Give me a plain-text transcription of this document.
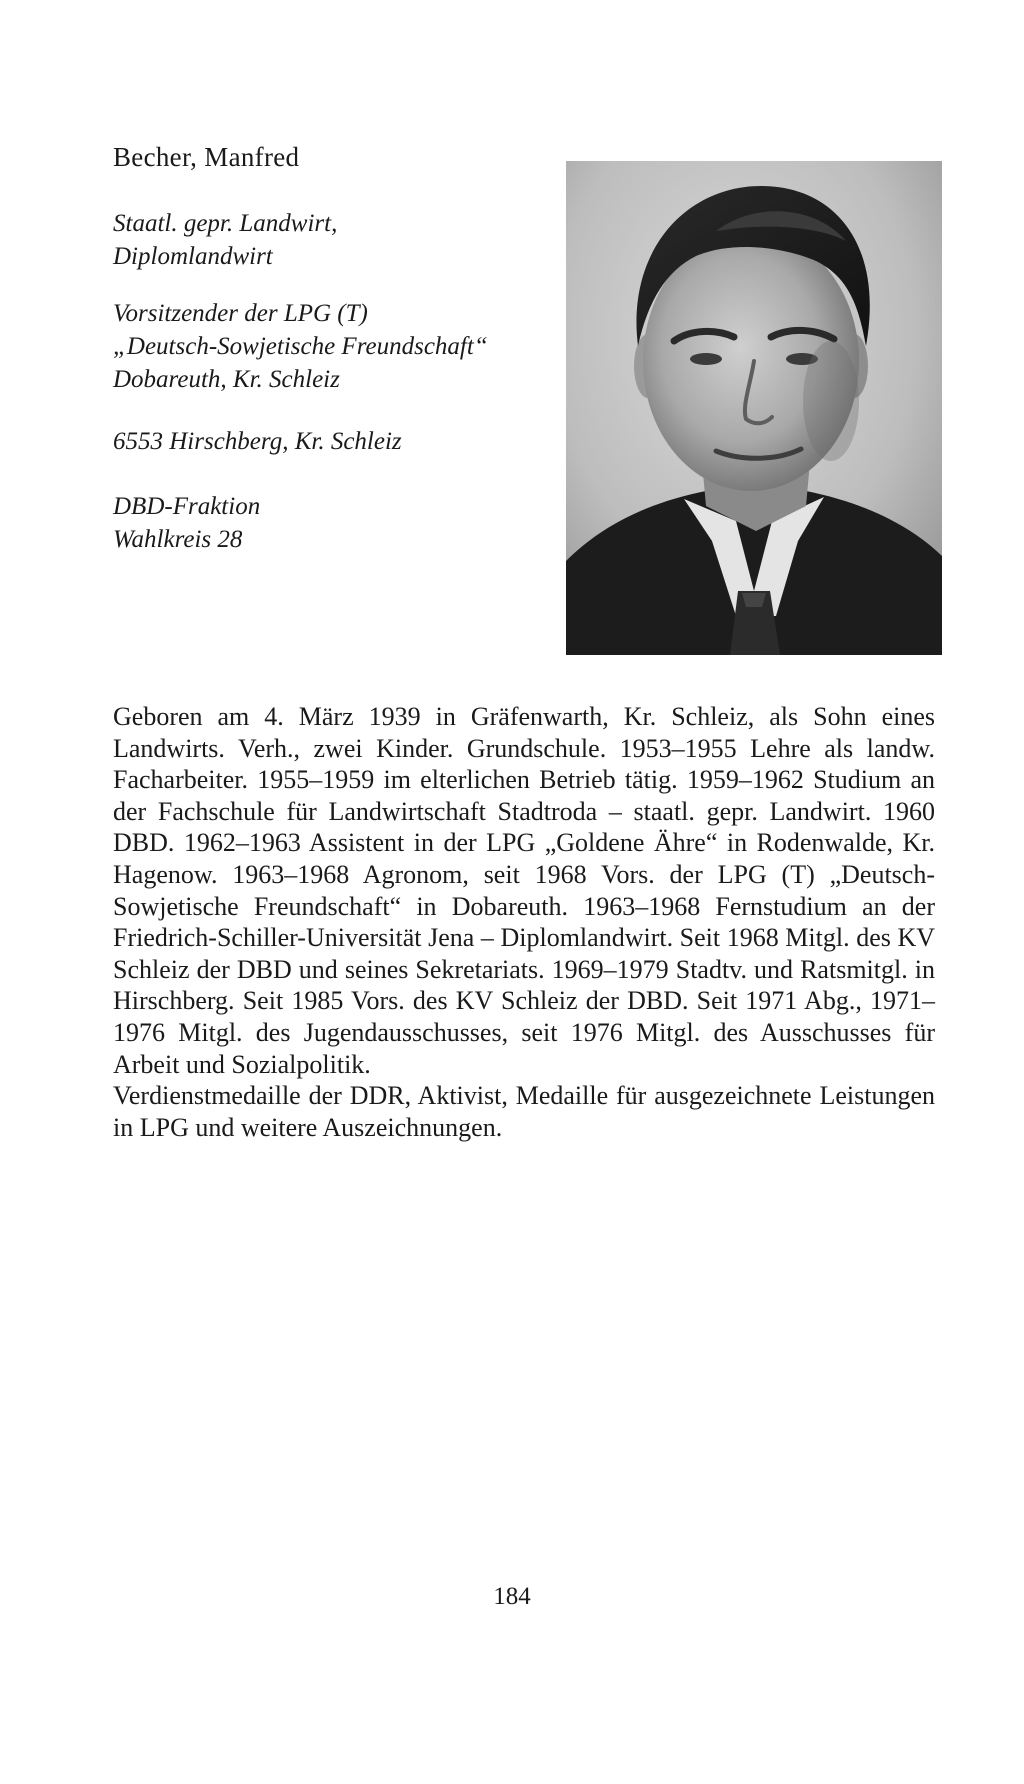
Becher, Manfred
Staatl. gepr. Landwirt,
Diplomlandwirt
Vorsitzender der LPG (T)
„Deutsch-Sowjetische Freundschaft“
Dobareuth, Kr. Schleiz
6553 Hirschberg, Kr. Schleiz
DBD-Fraktion
Wahlkreis 28

Geboren am 4. März 1939 in Gräfenwarth, Kr. Schleiz, als Sohn eines Landwirts. Verh., zwei Kinder. Grundschule. 1953–1955 Lehre als landw. Facharbeiter. 1955–1959 im elterlichen Betrieb tätig. 1959–1962 Studium an der Fachschule für Landwirtschaft Stadtroda – staatl. gepr. Landwirt. 1960 DBD. 1962–1963 Assistent in der LPG „Goldene Ähre“ in Rodenwalde, Kr. Hagenow. 1963–1968 Agronom, seit 1968 Vors. der LPG (T) „Deutsch-Sowjetische Freundschaft“ in Dobareuth. 1963–1968 Fernstudium an der Friedrich-Schiller-Universität Jena – Diplomlandwirt. Seit 1968 Mitgl. des KV Schleiz der DBD und seines Sekretariats. 1969–1979 Stadtv. und Ratsmitgl. in Hirschberg. Seit 1985 Vors. des KV Schleiz der DBD. Seit 1971 Abg., 1971–1976 Mitgl. des Jugendausschusses, seit 1976 Mitgl. des Ausschusses für Arbeit und Sozialpolitik.

Verdienstmedaille der DDR, Aktivist, Medaille für ausgezeichnete Leistungen in LPG und weitere Auszeichnungen.

184
